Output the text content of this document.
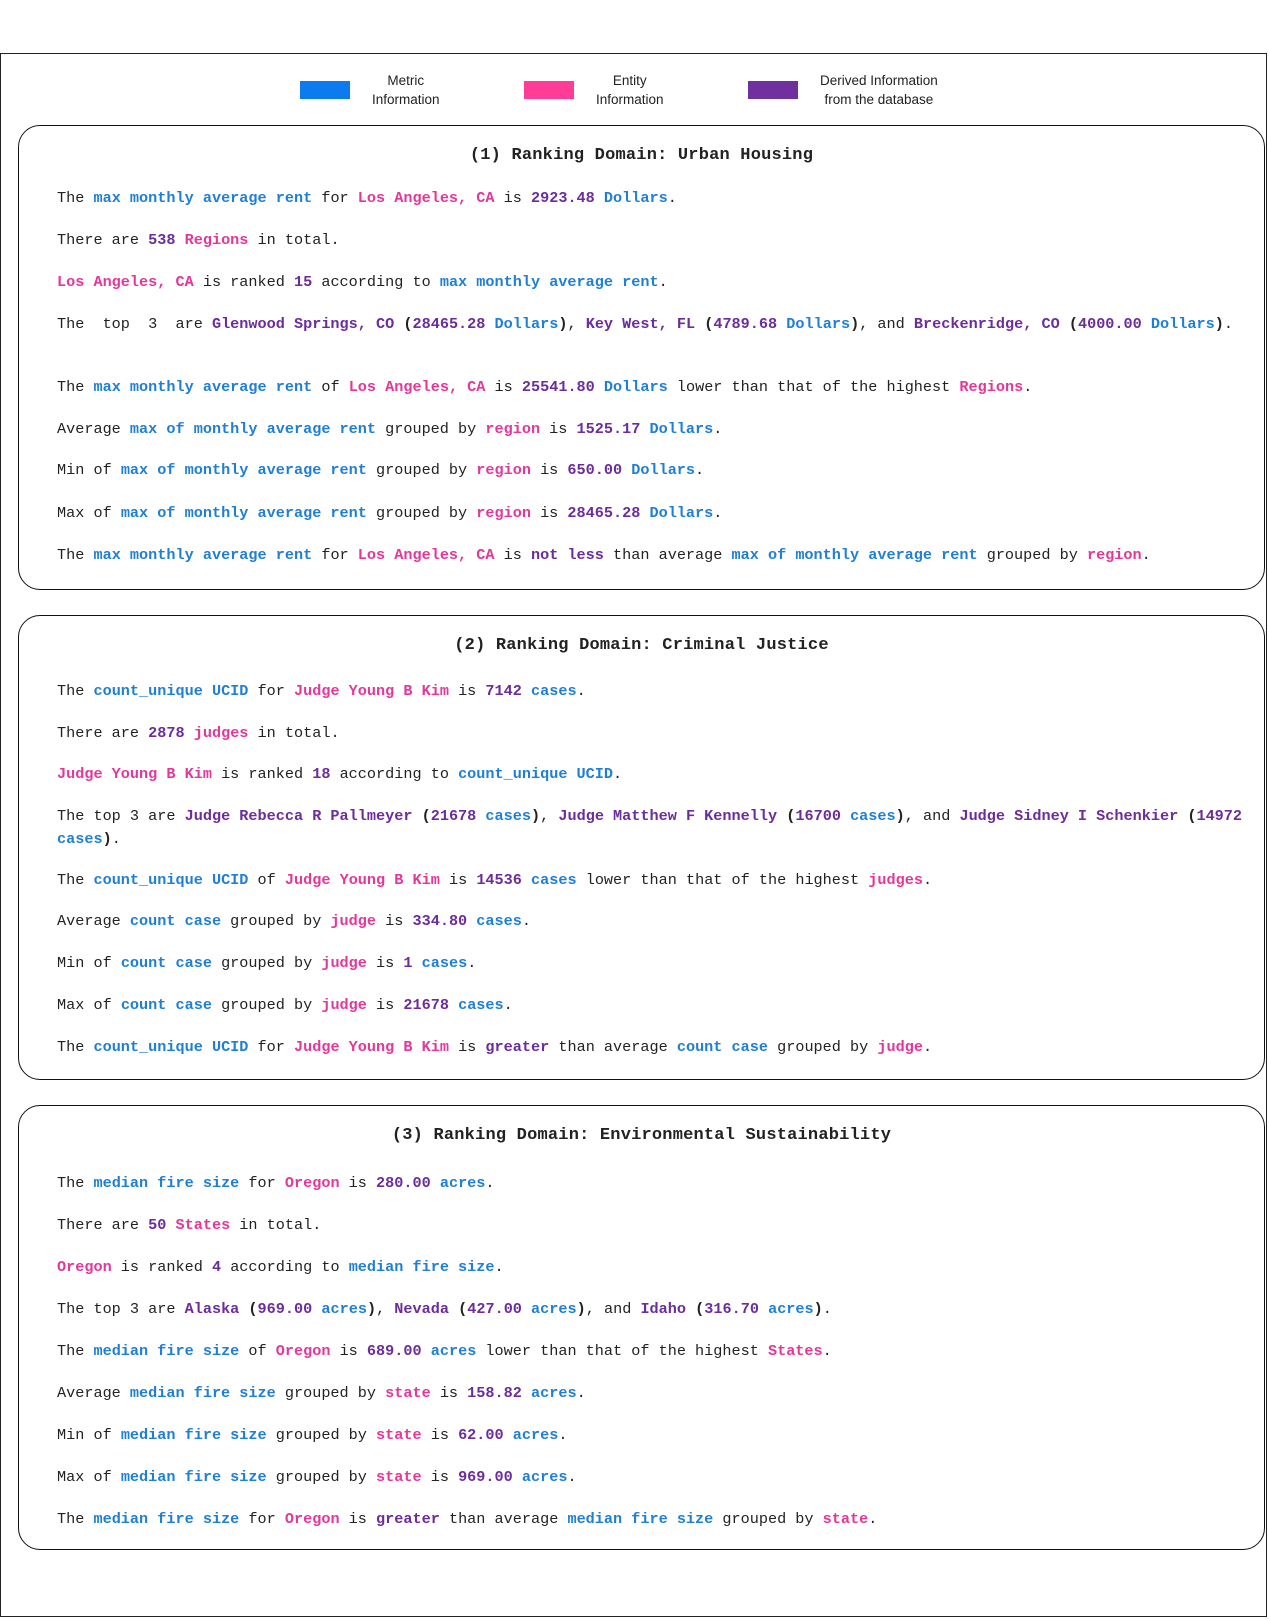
Metric
Information
Entity
Information
Derived Information
from the database
(1) Ranking Domain: Urban Housing
The max monthly average rent for Los Angeles, CA is 2923.48 Dollars.
There are 538 Regions in total.
Los Angeles, CA is ranked 15 according to max monthly average rent.
The  top  3  are Glenwood Springs, CO (28465.28 Dollars), Key West, FL (4789.68 Dollars), and Breckenridge, CO (4000.00 Dollars).
The max monthly average rent of Los Angeles, CA is 25541.80 Dollars lower than that of the highest Regions.
Average max of monthly average rent grouped by region is 1525.17 Dollars.
Min of max of monthly average rent grouped by region is 650.00 Dollars.
Max of max of monthly average rent grouped by region is 28465.28 Dollars.
The max monthly average rent for Los Angeles, CA is not less than average max of monthly average rent grouped by region.
(2) Ranking Domain: Criminal Justice
The count_unique UCID for Judge Young B Kim is 7142 cases.
There are 2878 judges in total.
Judge Young B Kim is ranked 18 according to count_unique UCID.
The top 3 are Judge Rebecca R Pallmeyer (21678 cases), Judge Matthew F Kennelly (16700 cases), and Judge Sidney I Schenkier (14972 cases).
The count_unique UCID of Judge Young B Kim is 14536 cases lower than that of the highest judges.
Average count case grouped by judge is 334.80 cases.
Min of count case grouped by judge is 1 cases.
Max of count case grouped by judge is 21678 cases.
The count_unique UCID for Judge Young B Kim is greater than average count case grouped by judge.
(3) Ranking Domain: Environmental Sustainability
The median fire size for Oregon is 280.00 acres.
There are 50 States in total.
Oregon is ranked 4 according to median fire size.
The top 3 are Alaska (969.00 acres), Nevada (427.00 acres), and Idaho (316.70 acres).
The median fire size of Oregon is 689.00 acres lower than that of the highest States.
Average median fire size grouped by state is 158.82 acres.
Min of median fire size grouped by state is 62.00 acres.
Max of median fire size grouped by state is 969.00 acres.
The median fire size for Oregon is greater than average median fire size grouped by state.
